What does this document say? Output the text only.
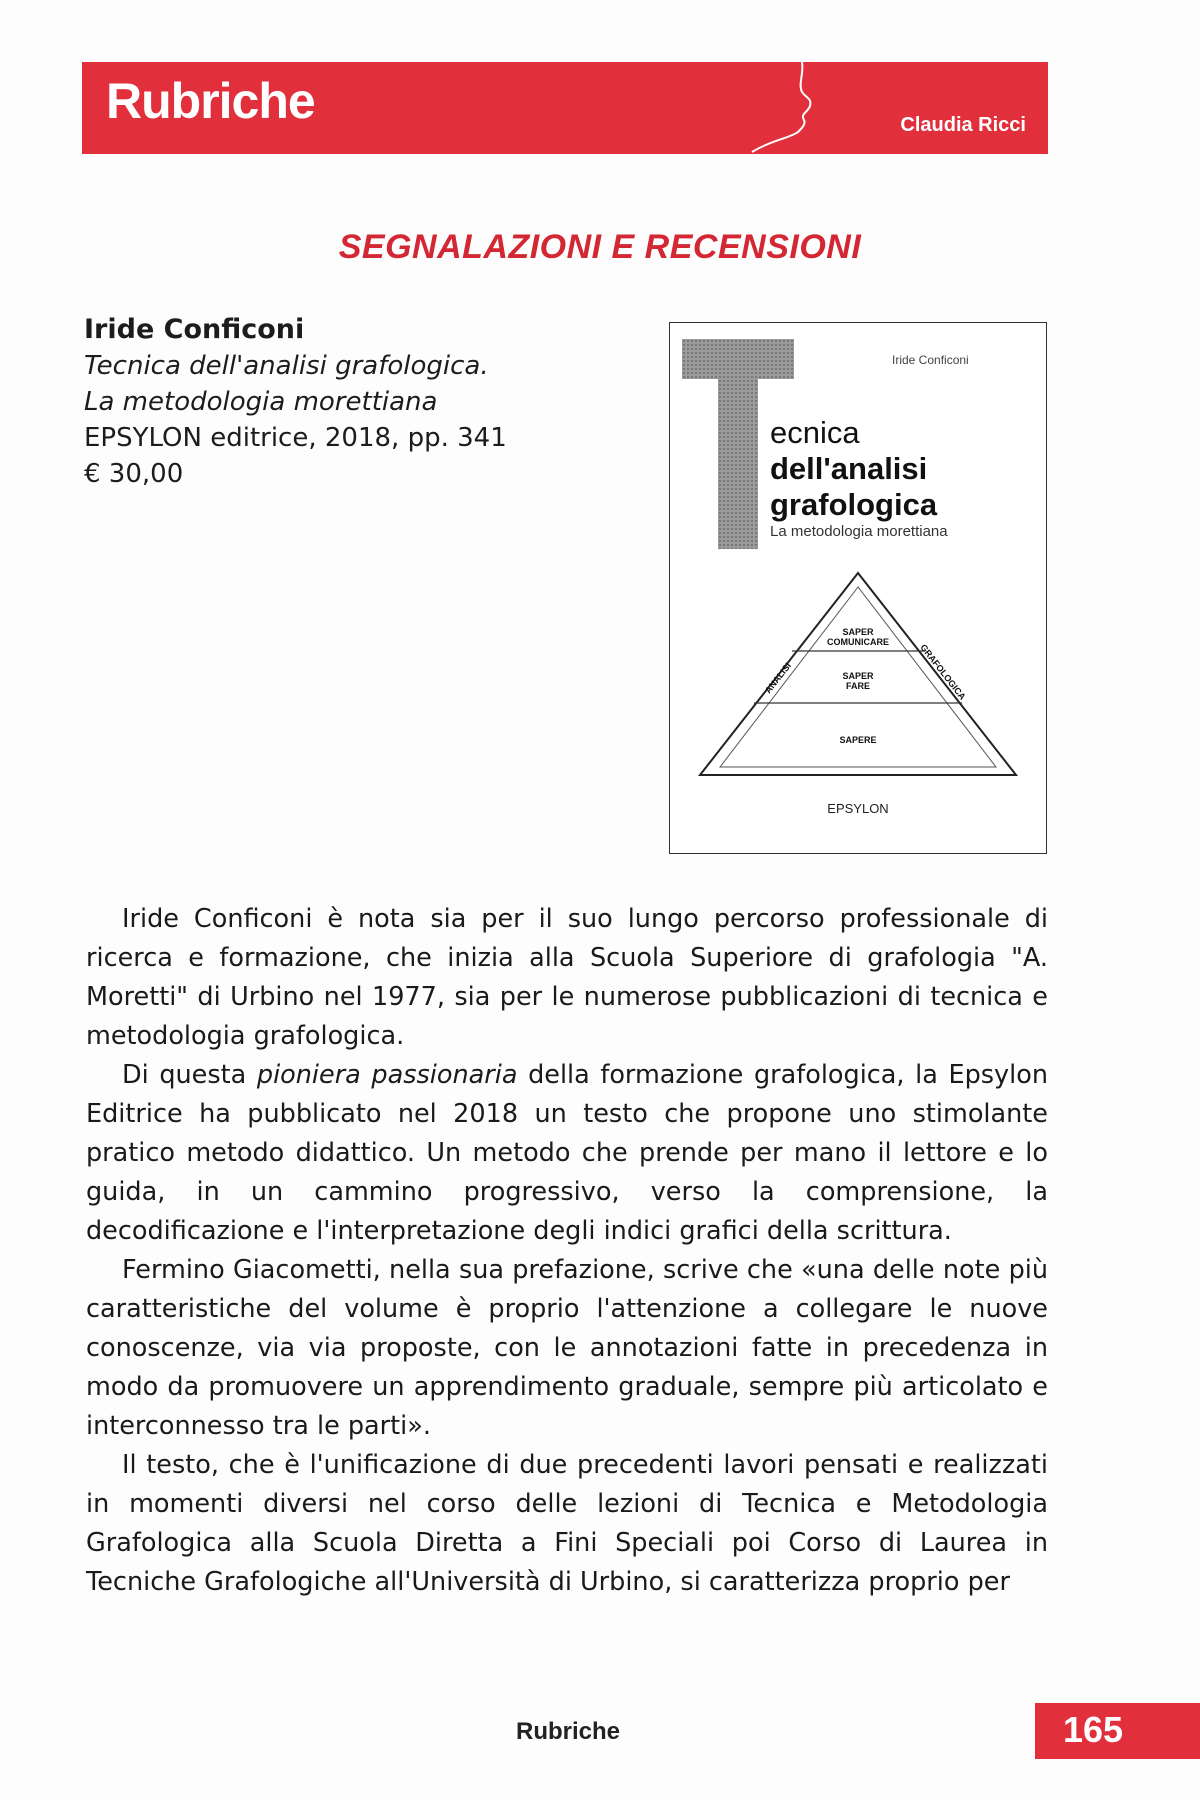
Rubriche	Claudia Ricci
SEGNALAZIONI E RECENSIONI
Iride Conficoni
Tecnica dell'analisi grafologica.
La metodologia morettiana
EPSYLON editrice, 2018, pp. 341
€ 30,00
Iride Conficoni
ecnica
dell'analisi
grafologica
La metodologia morettiana
SAPER
COMUNICARE
SAPER
FARE
SAPERE
ANALISI	GRAFOLOGICA
EPSYLON

Iride Conficoni è nota sia per il suo lungo percorso professionale di ricerca e formazione, che inizia alla Scuola Superiore di grafologia "A. Moretti" di Urbino nel 1977, sia per le numerose pubblicazioni di tecnica e metodologia grafologica.

Di questa pioniera passionaria della formazione grafologica, la Epsylon Editrice ha pubblicato nel 2018 un testo che propone uno stimolante pratico metodo didattico. Un metodo che prende per mano il lettore e lo guida, in un cammino progressivo, verso la comprensione, la decodificazione e l'interpretazione degli indici grafici della scrittura.

Fermino Giacometti, nella sua prefazione, scrive che «una delle note più caratteristiche del volume è proprio l'attenzione a collegare le nuove conoscenze, via via proposte, con le annotazioni fatte in precedenza in modo da promuovere un apprendimento graduale, sempre più articolato e interconnesso tra le parti».

Il testo, che è l'unificazione di due precedenti lavori pensati e realizzati in momenti diversi nel corso delle lezioni di Tecnica e Metodologia Grafologica alla Scuola Diretta a Fini Speciali poi Corso di Laurea in Tecniche Grafologiche all'Università di Urbino, si caratterizza proprio per

Rubriche	165
